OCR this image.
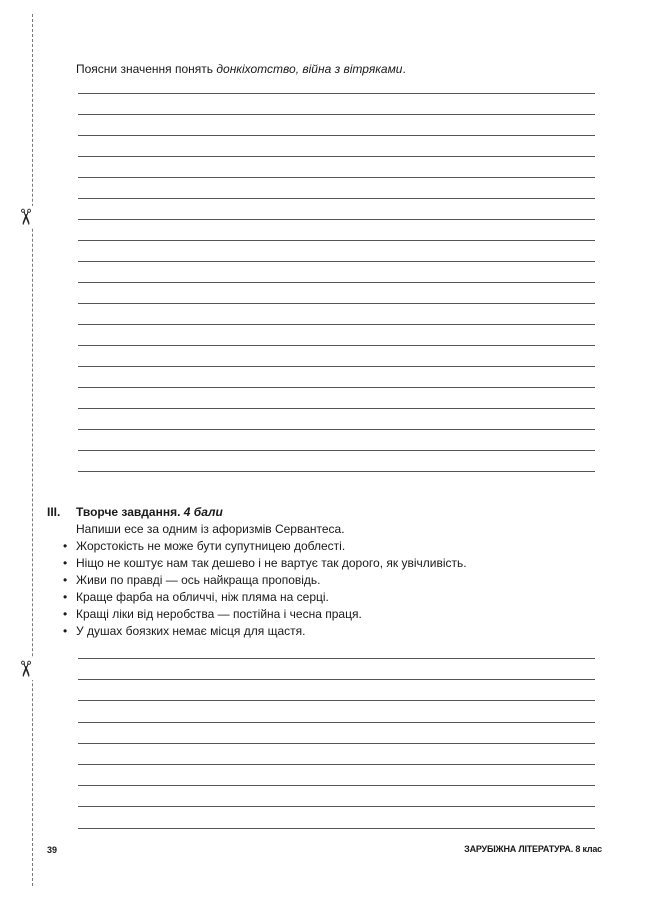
✂
✂
Поясни значення понять донкіхотство, війна з вітряками.
III. Творче завдання. 4 бали
Напиши есе за одним із афоризмів Сервантеса.
• Жорстокість не може бути супутницею доблесті.
• Ніщо не коштує нам так дешево і не вартує так дорого, як увічливість.
• Живи по правді — ось найкраща проповідь.
• Краще фарба на обличчі, ніж пляма на серці.
• Кращі ліки від неробства — постійна і чесна праця.
• У душах боязких немає місця для щастя.
39	ЗАРУБІЖНА ЛІТЕРАТУРА. 8 клас
